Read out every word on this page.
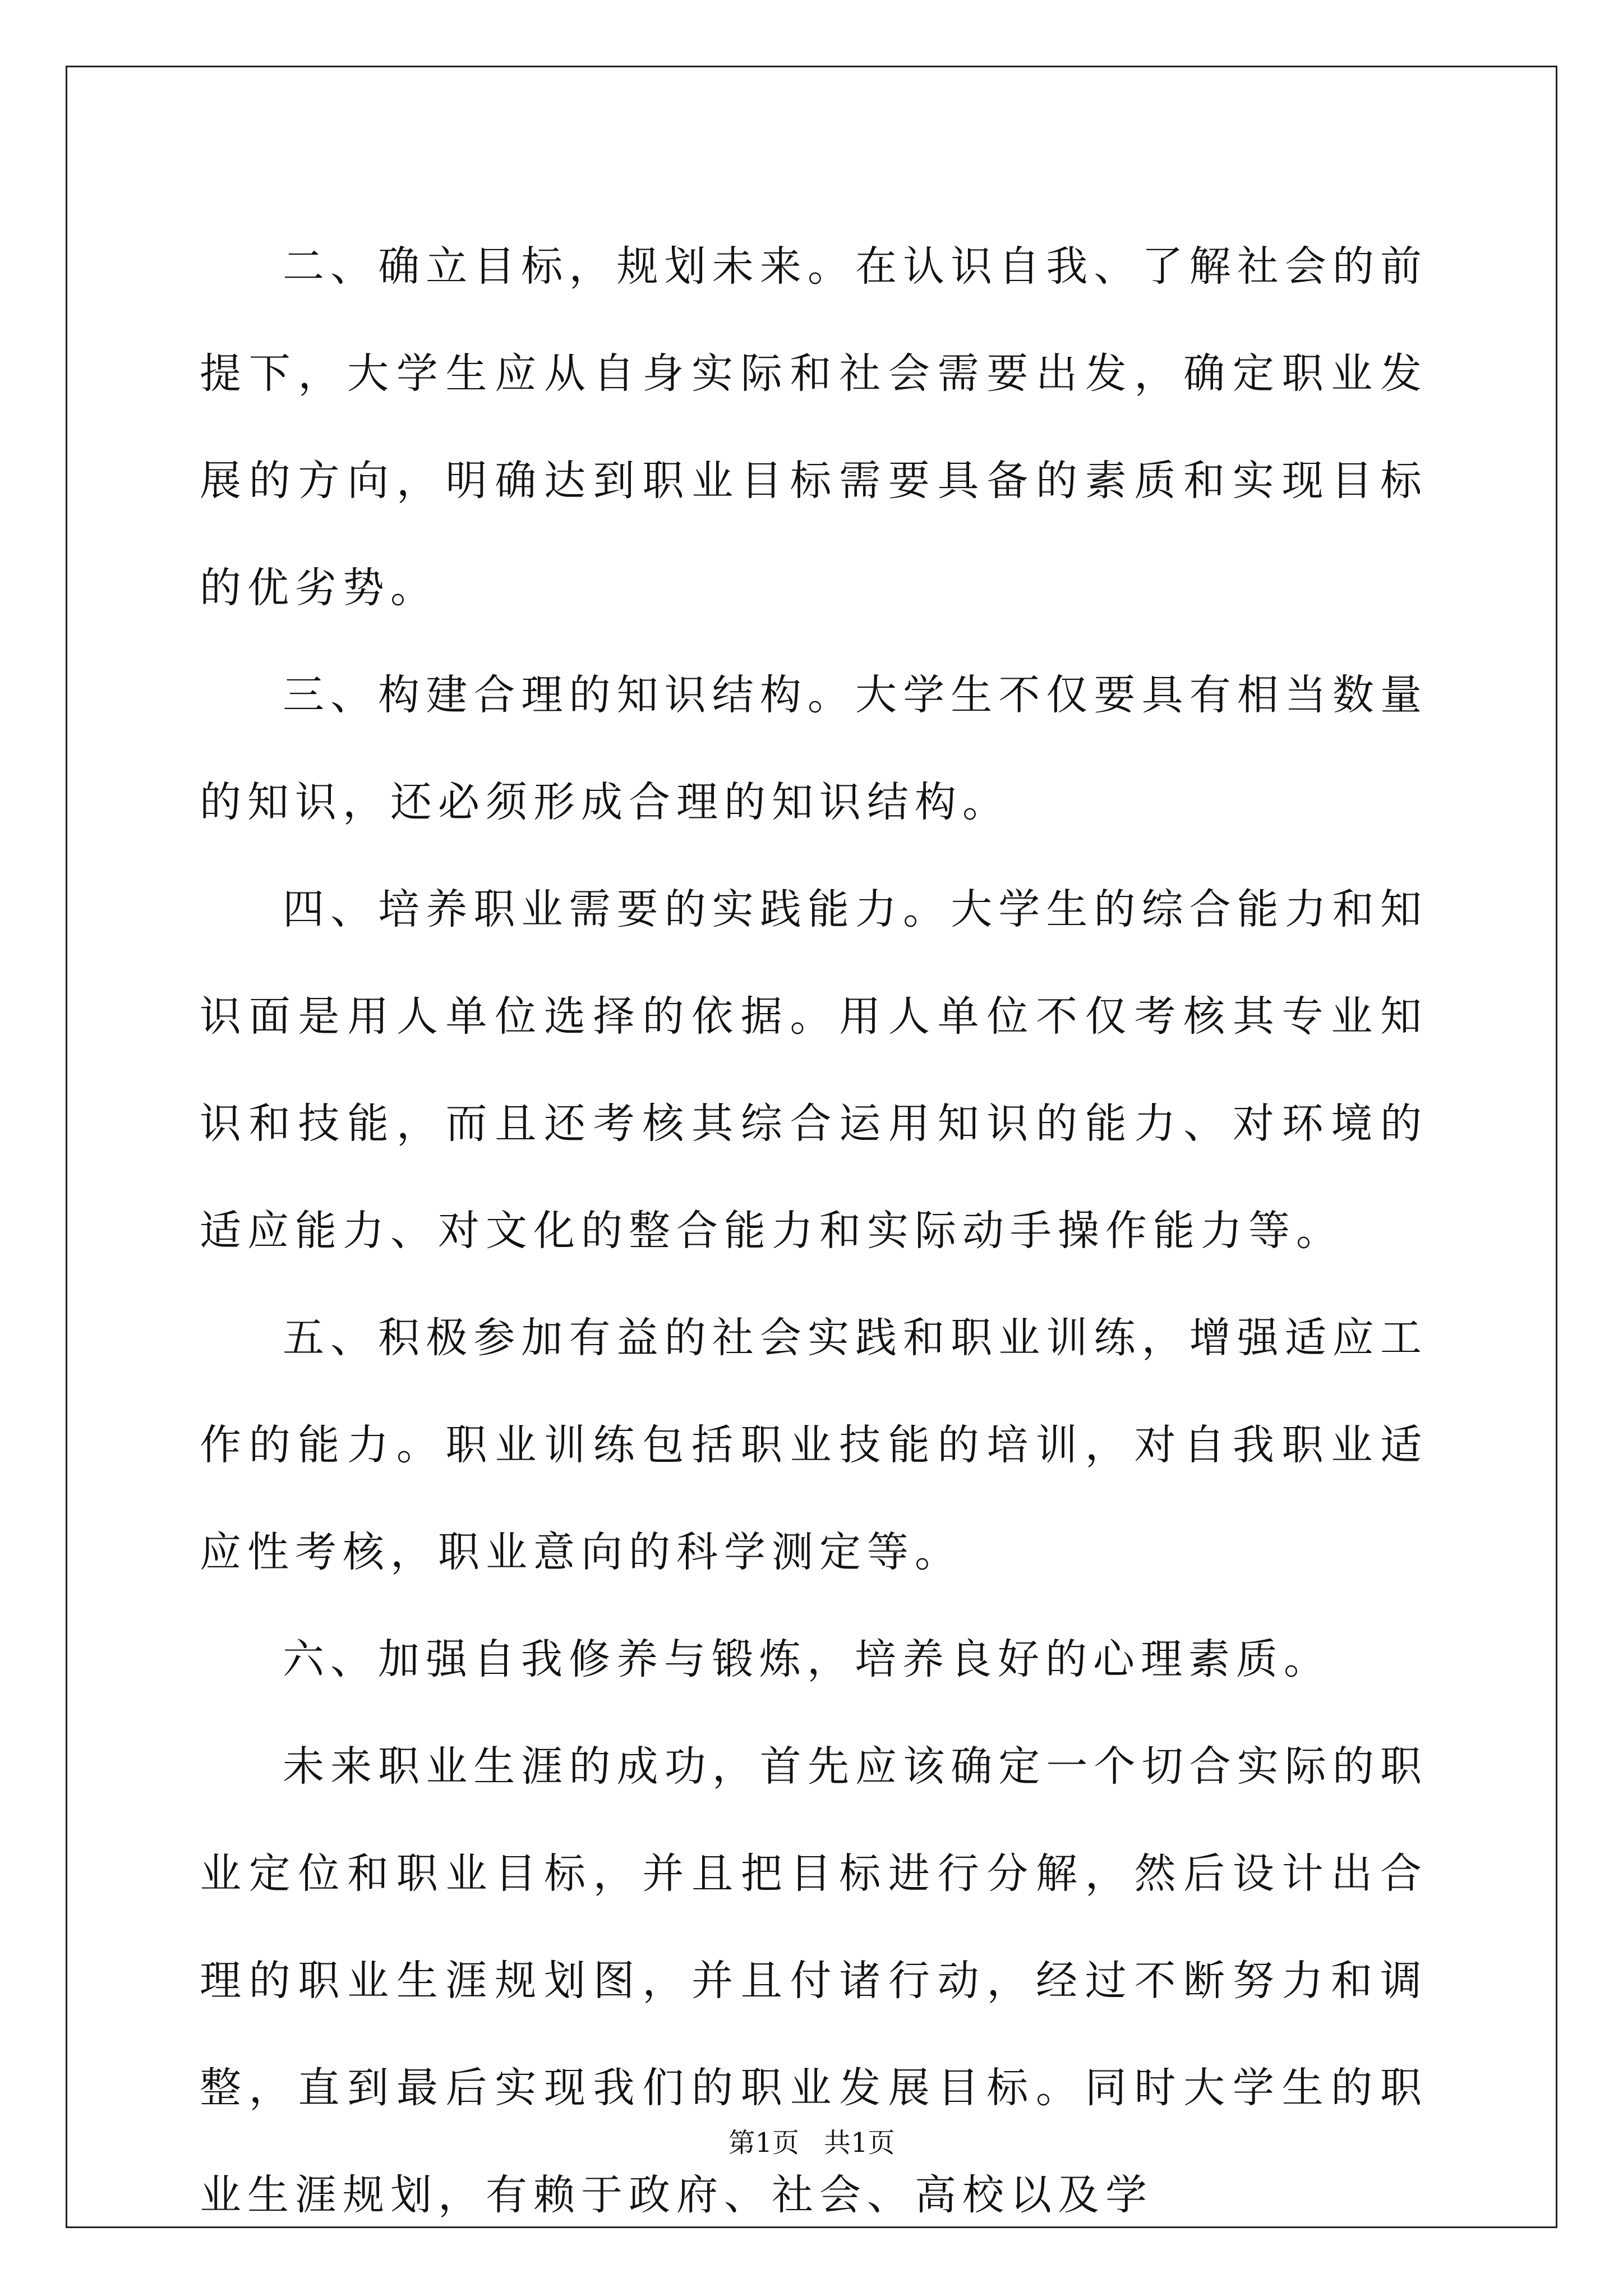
二、确立目标，规划未来。在认识自我、了解社会的前提下，大学生应从自身实际和社会需要出发，确定职业发展的方向，明确达到职业目标需要具备的素质和实现目标的优劣势。

三、构建合理的知识结构。大学生不仅要具有相当数量的知识，还必须形成合理的知识结构。

四、培养职业需要的实践能力。大学生的综合能力和知识面是用人单位选择的依据。用人单位不仅考核其专业知识和技能，而且还考核其综合运用知识的能力、对环境的适应能力、对文化的整合能力和实际动手操作能力等。

五、积极参加有益的社会实践和职业训练，增强适应工作的能力。职业训练包括职业技能的培训，对自我职业适应性考核，职业意向的科学测定等。

六、加强自我修养与锻炼，培养良好的心理素质。

未来职业生涯的成功，首先应该确定一个切合实际的职业定位和职业目标，并且把目标进行分解，然后设计出合理的职业生涯规划图，并且付诸行动，经过不断努力和调整，直到最后实现我们的职业发展目标。同时大学生的职业生涯规划，有赖于政府、社会、高校以及学

第1页 共1页
